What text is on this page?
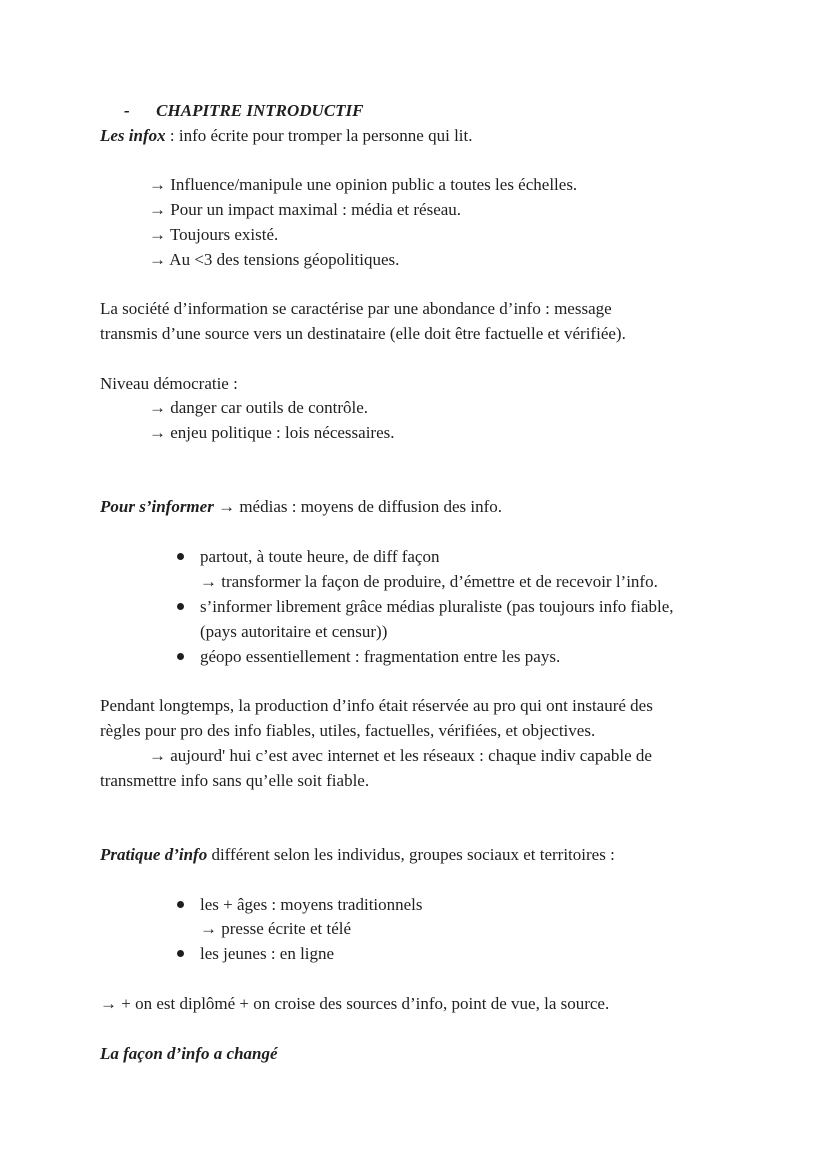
- CHAPITRE INTRODUCTIF
Les infox : info écrite pour tromper la personne qui lit.
→ Influence/manipule une opinion public a toutes les échelles.
→ Pour un impact maximal : média et réseau.
→ Toujours existé.
→ Au <3 des tensions géopolitiques.
La société d’information se caractérise par une abondance d’info : message
transmis d’une source vers un destinataire (elle doit être factuelle et vérifiée).
Niveau démocratie :
→ danger car outils de contrôle.
→ enjeu politique : lois nécessaires.
Pour s’informer → médias : moyens de diffusion des info.
partout, à toute heure, de diff façon
→ transformer la façon de produire, d’émettre et de recevoir l’info.
s’informer librement grâce médias pluraliste (pas toujours info fiable,
(pays autoritaire et censur))
géopo essentiellement : fragmentation entre les pays.
Pendant longtemps, la production d’info était réservée au pro qui ont instauré des
règles pour pro des info fiables, utiles, factuelles, vérifiées, et objectives.
→ aujourd' hui c’est avec internet et les réseaux : chaque indiv capable de
transmettre info sans qu’elle soit fiable.
Pratique d’info différent selon les individus, groupes sociaux et territoires :
les + âges : moyens traditionnels
→ presse écrite et télé
les jeunes : en ligne
→ + on est diplômé + on croise des sources d’info, point de vue, la source.
La façon d’info a changé
